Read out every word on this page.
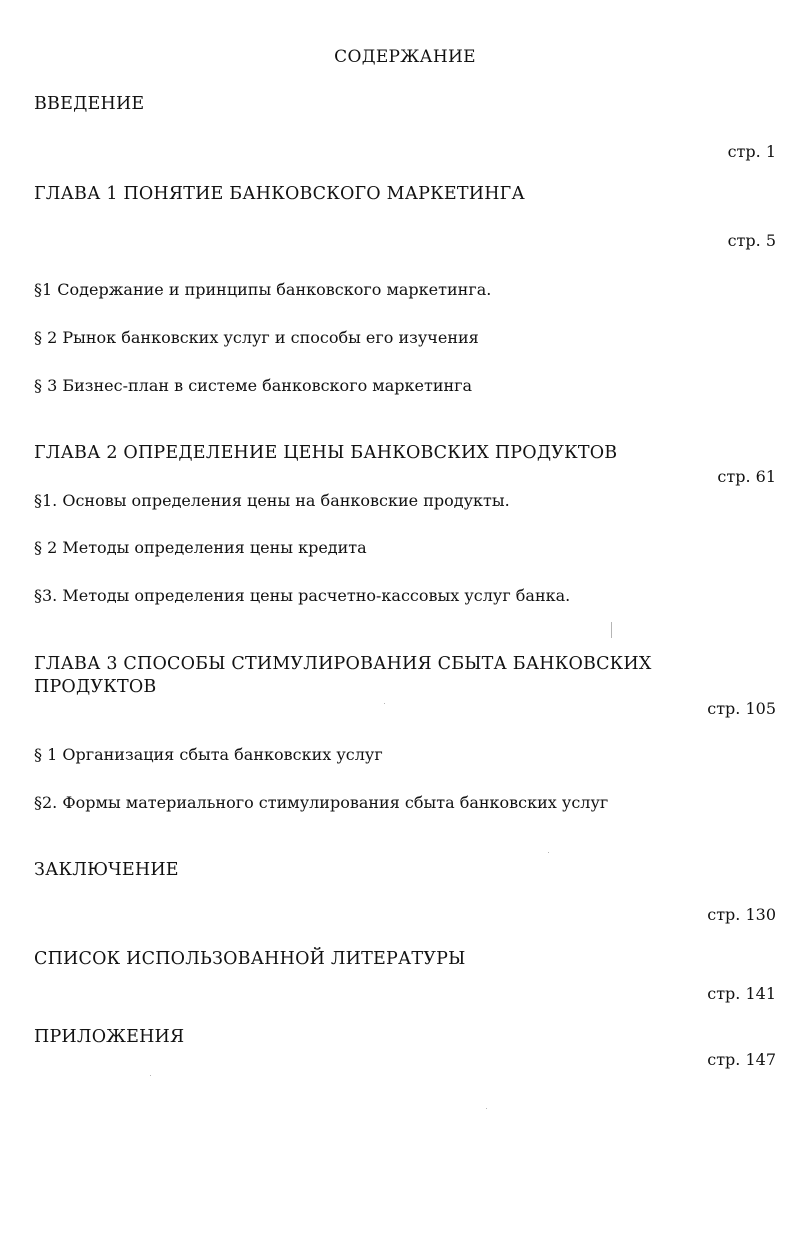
СОДЕРЖАНИЕ
ВВЕДЕНИЕ
стр. 1
ГЛАВА 1 ПОНЯТИЕ БАНКОВСКОГО МАРКЕТИНГА
стр. 5
§1 Содержание и принципы банковского маркетинга.
§ 2 Рынок банковских услуг и способы его изучения
§ 3 Бизнес-план в системе банковского маркетинга
ГЛАВА 2 ОПРЕДЕЛЕНИЕ ЦЕНЫ БАНКОВСКИХ ПРОДУКТОВ
стр. 61
§1. Основы определения цены на банковские продукты.
§ 2 Методы определения цены кредита
§3. Методы определения цены расчетно-кассовых услуг банка.
ГЛАВА 3 СПОСОБЫ СТИМУЛИРОВАНИЯ СБЫТА БАНКОВСКИХ
ПРОДУКТОВ
стр. 105
§ 1 Организация сбыта банковских услуг
§2. Формы материального стимулирования сбыта банковских услуг
ЗАКЛЮЧЕНИЕ
стр. 130
СПИСОК ИСПОЛЬЗОВАННОЙ ЛИТЕРАТУРЫ
стр. 141
ПРИЛОЖЕНИЯ
стр. 147
